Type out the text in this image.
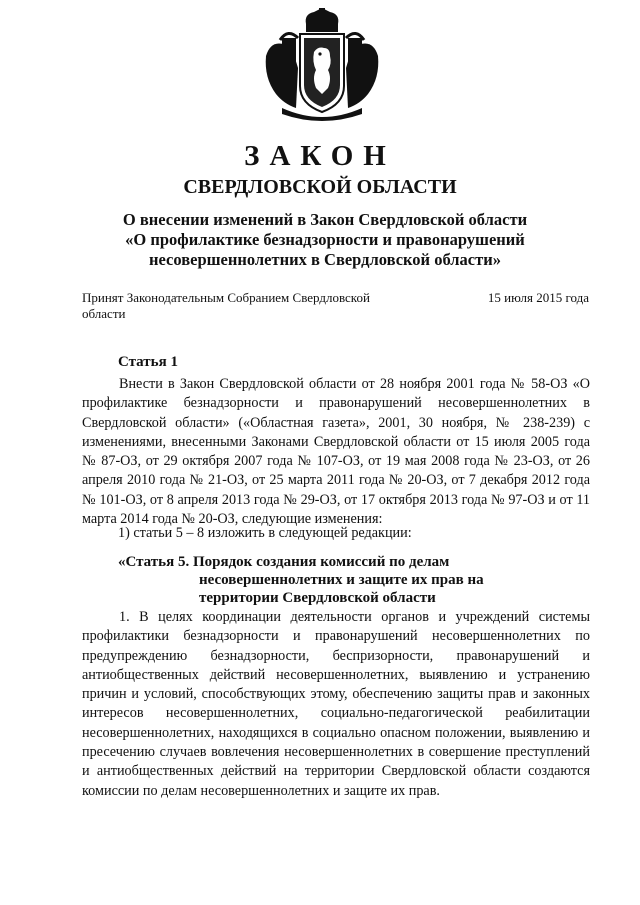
ЗАКОН
СВЕРДЛОВСКОЙ ОБЛАСТИ
О внесении изменений в Закон Свердловской области
«О профилактике безнадзорности и правонарушений
несовершеннолетних в Свердловской области»
Принят Законодательным Собранием Свердловской области
15 июля 2015 года
Статья 1
Внести в Закон Свердловской области от 28 ноября 2001 года № 58-ОЗ «О профилактике безнадзорности и правонарушений несовершеннолетних в Свердловской области» («Областная газета», 2001, 30 ноября, № 238-239) с изменениями, внесенными Законами Свердловской области от 15 июля 2005 года № 87-ОЗ, от 29 октября 2007 года № 107-ОЗ, от 19 мая 2008 года № 23-ОЗ, от 26 апреля 2010 года № 21-ОЗ, от 25 марта 2011 года № 20-ОЗ, от 7 декабря 2012 года № 101-ОЗ, от 8 апреля 2013 года № 29-ОЗ, от 17 октября 2013 года № 97-ОЗ и от 11 марта 2014 года № 20-ОЗ, следующие изменения:
1) статьи 5 – 8 изложить в следующей редакции:
«Статья 5. Порядок создания комиссий по делам
несовершеннолетних и защите их прав на
территории Свердловской области
1. В целях координации деятельности органов и учреждений системы профилактики безнадзорности и правонарушений несовершеннолетних по предупреждению безнадзорности, беспризорности, правонарушений и антиобщественных действий несовершеннолетних, выявлению и устранению причин и условий, способствующих этому, обеспечению защиты прав и законных интересов несовершеннолетних, социально-педагогической реабилитации несовершеннолетних, находящихся в социально опасном положении, выявлению и пресечению случаев вовлечения несовершеннолетних в совершение преступлений и антиобщественных действий на территории Свердловской области создаются комиссии по делам несовершеннолетних и защите их прав.
